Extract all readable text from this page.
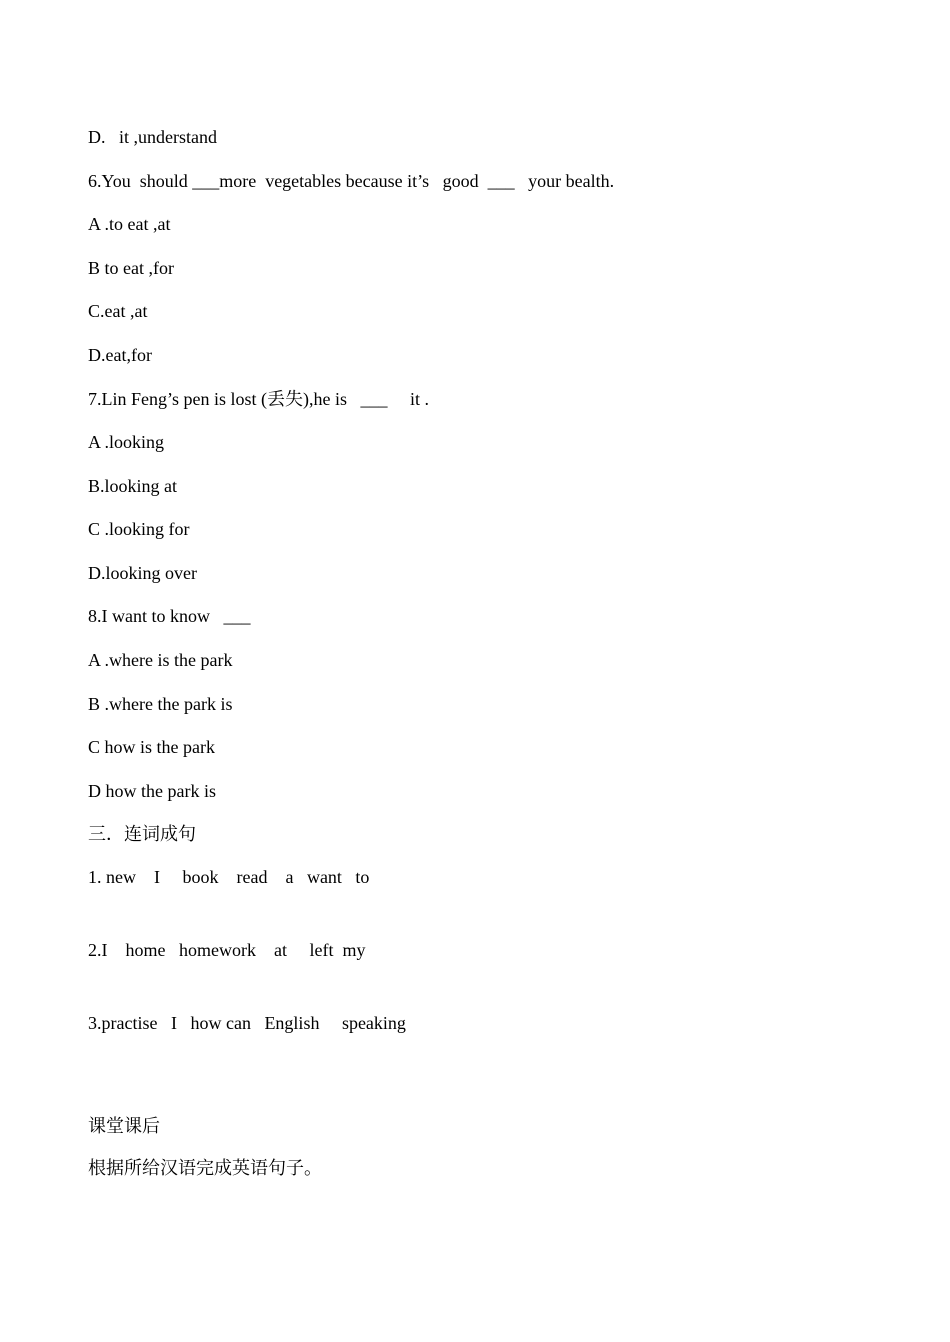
D.   it ,understand
6.You  should ___more  vegetables because it’s   good  ___   your bealth.
A .to eat ,at
B to eat ,for
C.eat ,at
D.eat,for
7.Lin Feng’s pen is lost (丢失),he is   ___     it .
A .looking
B.looking at
C .looking for
D.looking over
8.I want to know   ___
A .where is the park
B .where the park is
C how is the park
D how the park is
三．连词成句
1. new    I     book    read    a   want   to
2.I    home   homework    at     left  my
3.practise   I   how can   English     speaking
课堂课后
根据所给汉语完成英语句子。
